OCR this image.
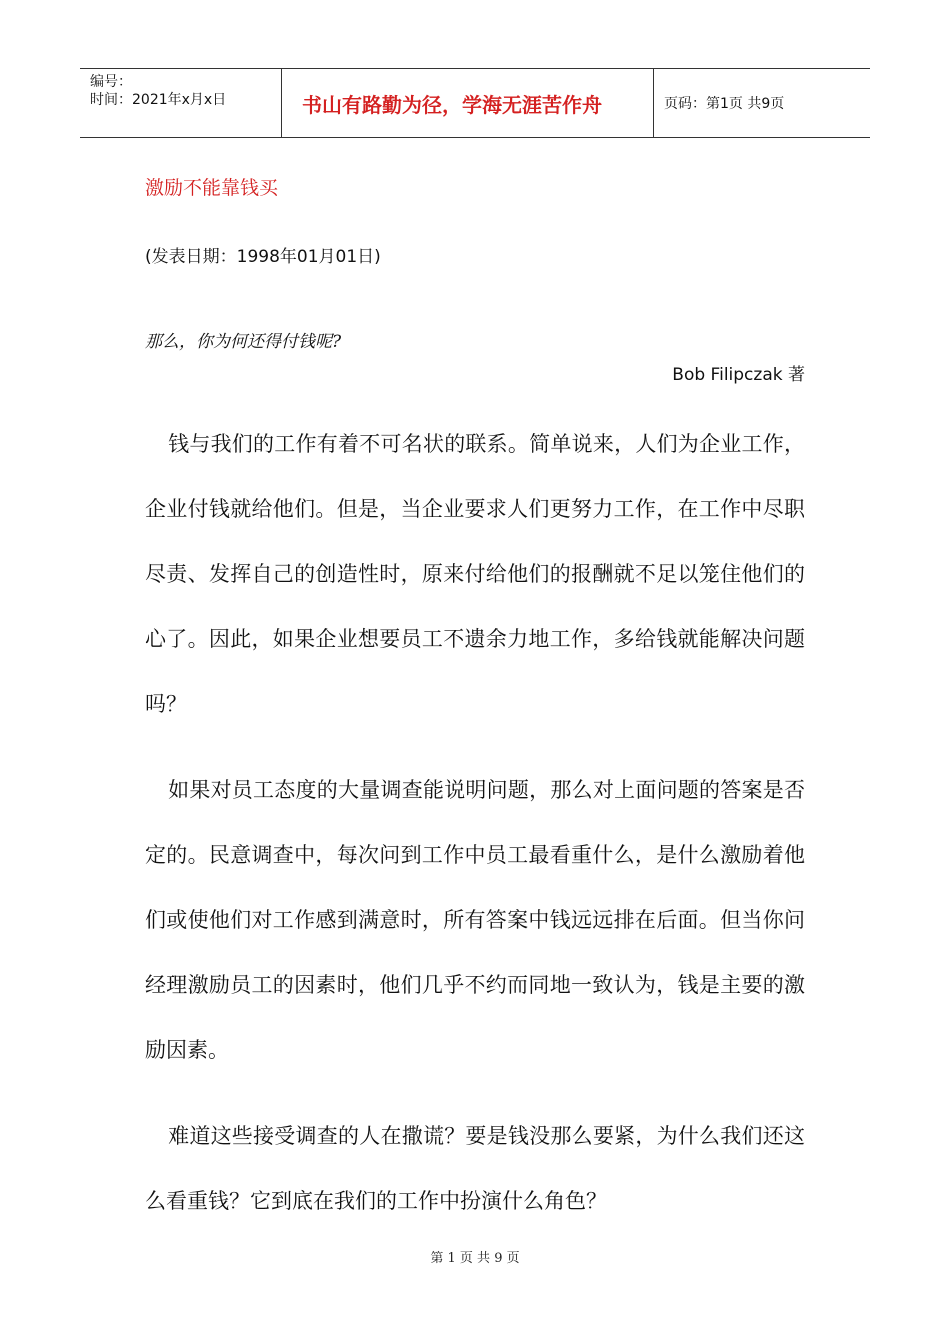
编号：
时间：2021年x月x日	书山有路勤为径，学海无涯苦作舟	页码：第1页 共9页
激励不能靠钱买
(发表日期：1998年01月01日)
那么，你为何还得付钱呢?
Bob Filipczak 著

钱与我们的工作有着不可名状的联系。简单说来，人们为企业工作，企业付钱就给他们。但是，当企业要求人们更努力工作，在工作中尽职尽责、发挥自己的创造性时，原来付给他们的报酬就不足以笼住他们的心了。因此，如果企业想要员工不遗余力地工作，多给钱就能解决问题吗？

如果对员工态度的大量调查能说明问题，那么对上面问题的答案是否定的。民意调查中，每次问到工作中员工最看重什么，是什么激励着他们或使他们对工作感到满意时，所有答案中钱远远排在后面。但当你问经理激励员工的因素时，他们几乎不约而同地一致认为，钱是主要的激励因素。

难道这些接受调查的人在撒谎？要是钱没那么要紧，为什么我们还这么看重钱？它到底在我们的工作中扮演什么角色？

第 1 页 共 9 页
